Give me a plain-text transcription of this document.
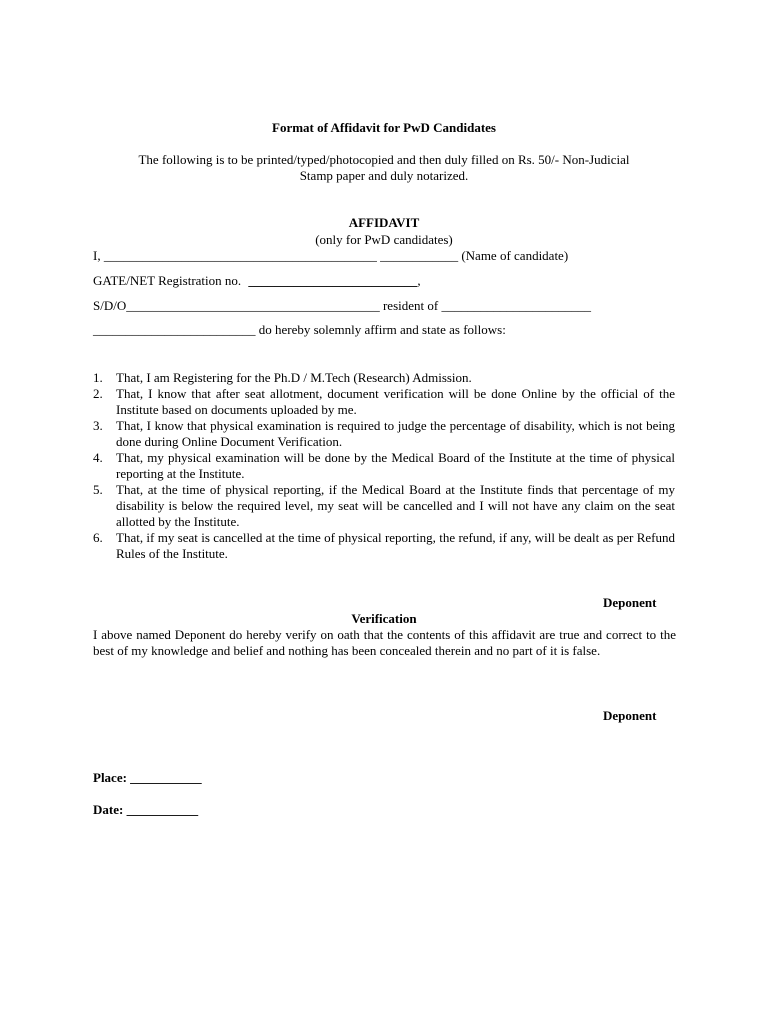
Format of Affidavit for PwD Candidates
The following is to be printed/typed/photocopied and then duly filled on Rs. 50/- Non-Judicial
Stamp paper and duly notarized.
AFFIDAVIT
(only for PwD candidates)
I, __________________________________________ ____________ (Name of candidate)
GATE/NET Registration no. __________________________,
S/D/O_______________________________________ resident of _______________________
_________________________ do hereby solemnly affirm and state as follows:
1. That, I am Registering for the Ph.D / M.Tech (Research) Admission.
2. That, I know that after seat allotment, document verification will be done Online by the official of the Institute based on documents uploaded by me.
3. That, I know that physical examination is required to judge the percentage of disability, which is not being done during Online Document Verification.
4. That, my physical examination will be done by the Medical Board of the Institute at the time of physical reporting at the Institute.
5. That, at the time of physical reporting, if the Medical Board at the Institute finds that percentage of my disability is below the required level, my seat will be cancelled and I will not have any claim on the seat allotted by the Institute.
6. That, if my seat is cancelled at the time of physical reporting, the refund, if any, will be dealt as per Refund Rules of the Institute.
Deponent
Verification
I above named Deponent do hereby verify on oath that the contents of this affidavit are true and correct to the best of my knowledge and belief and nothing has been concealed therein and no part of it is false.
Deponent
Place: ___________
Date: ___________
